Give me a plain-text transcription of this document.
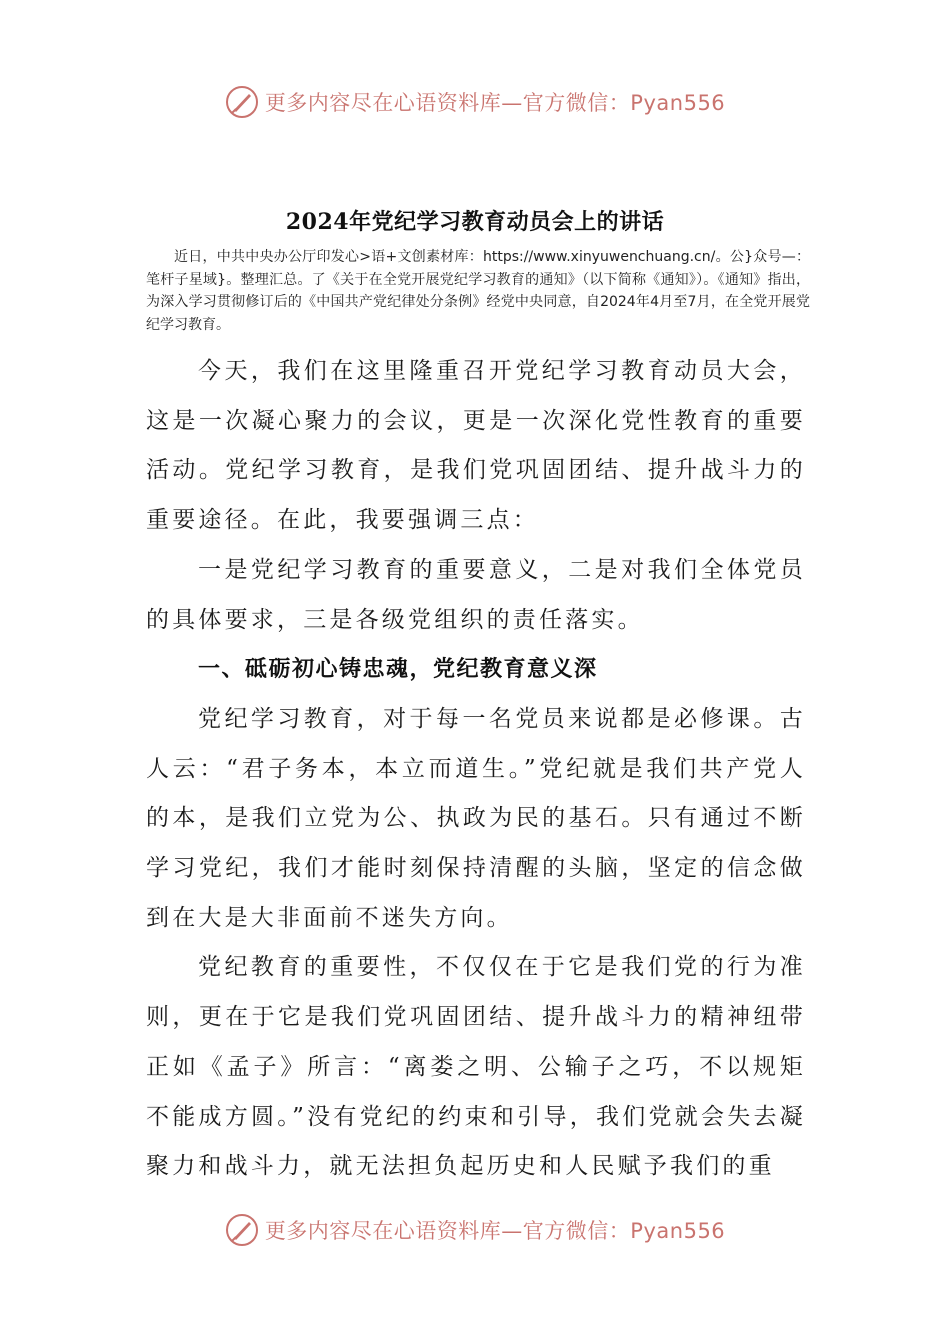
更多内容尽在心语资料库—官方微信：Pyan556
2024年党纪学习教育动员会上的讲话
近日，中共中央办公厅印发心>语+文创素材库：https://www.xinyuwenchuang.cn/。公}众号—：笔杆子星域}。整理汇总。了《关于在全党开展党纪学习教育的通知》（以下简称《通知》）。《通知》指出，为深入学习贯彻修订后的《中国共产党纪律处分条例》经党中央同意，自2024年4月至7月，在全党开展党纪学习教育。

今天，我们在这里隆重召开党纪学习教育动员大会，这是一次凝心聚力的会议，更是一次深化党性教育的重要活动。党纪学习教育，是我们党巩固团结、提升战斗力的重要途径。在此，我要强调三点：

一是党纪学习教育的重要意义，二是对我们全体党员的具体要求，三是各级党组织的责任落实。

一、砥砺初心铸忠魂，党纪教育意义深

党纪学习教育，对于每一名党员来说都是必修课。古人云：“君子务本，本立而道生。”党纪就是我们共产党人的本，是我们立党为公、执政为民的基石。只有通过不断学习党纪，我们才能时刻保持清醒的头脑，坚定的信念做到在大是大非面前不迷失方向。

党纪教育的重要性，不仅仅在于它是我们党的行为准则，更在于它是我们党巩固团结、提升战斗力的精神纽带正如《孟子》所言：“离娄之明、公输子之巧，不以规矩不能成方圆。”没有党纪的约束和引导，我们党就会失去凝聚力和战斗力，就无法担负起历史和人民赋予我们的重

更多内容尽在心语资料库—官方微信：Pyan556
